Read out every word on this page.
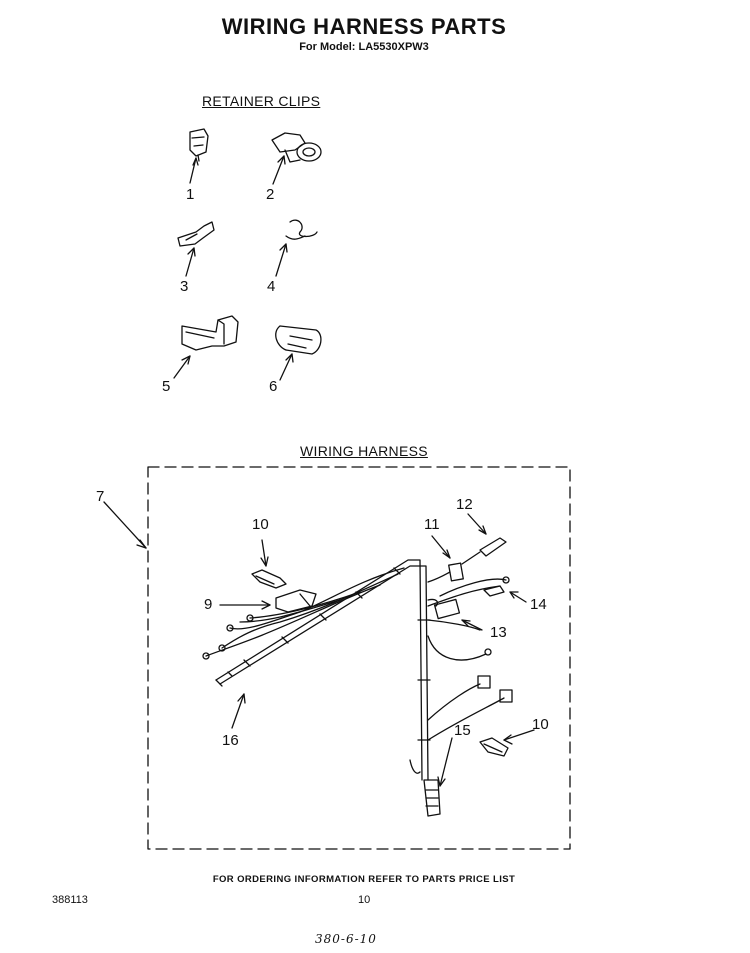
WIRING HARNESS PARTS
For Model: LA5530XPW3
RETAINER CLIPS
WIRING HARNESS
1	2
3	4
5	6
7
9
10
10
11
12
13
14
15
16
FOR ORDERING INFORMATION REFER TO PARTS PRICE LIST
388113	10
380-6-10
